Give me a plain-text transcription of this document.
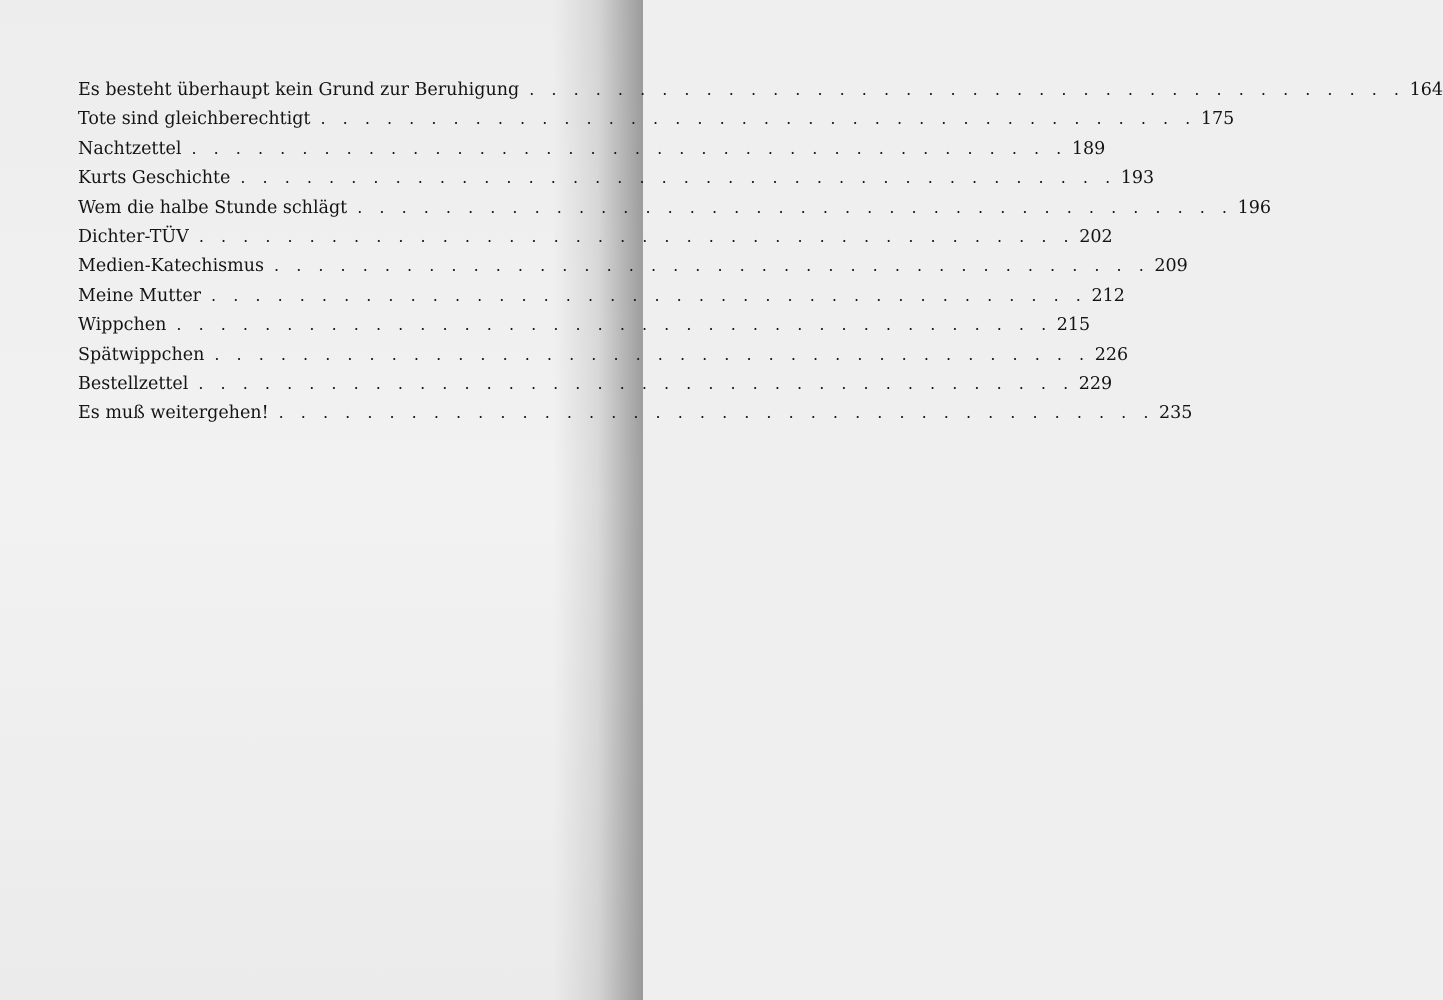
Es besteht überhaupt kein Grund zur Beruhigung . . . . . . . . . . . . . . . . . . . . . . . . . . . . . . . . . . . . . . . . 164
Tote sind gleichberechtigt . . . . . . . . . . . . . . . . . . . . . . . . . . . . . . . . . . . . . . . . 175
Nachtzettel . . . . . . . . . . . . . . . . . . . . . . . . . . . . . . . . . . . . . . . . 189
Kurts Geschichte . . . . . . . . . . . . . . . . . . . . . . . . . . . . . . . . . . . . . . . . 193
Wem die halbe Stunde schlägt . . . . . . . . . . . . . . . . . . . . . . . . . . . . . . . . . . . . . . . . 196
Dichter-TÜV . . . . . . . . . . . . . . . . . . . . . . . . . . . . . . . . . . . . . . . . 202
Medien-Katechismus . . . . . . . . . . . . . . . . . . . . . . . . . . . . . . . . . . . . . . . . 209
Meine Mutter . . . . . . . . . . . . . . . . . . . . . . . . . . . . . . . . . . . . . . . . 212
Wippchen . . . . . . . . . . . . . . . . . . . . . . . . . . . . . . . . . . . . . . . . 215
Spätwippchen . . . . . . . . . . . . . . . . . . . . . . . . . . . . . . . . . . . . . . . . 226
Bestellzettel . . . . . . . . . . . . . . . . . . . . . . . . . . . . . . . . . . . . . . . . 229
Es muß weitergehen! . . . . . . . . . . . . . . . . . . . . . . . . . . . . . . . . . . . . . . . . 235
